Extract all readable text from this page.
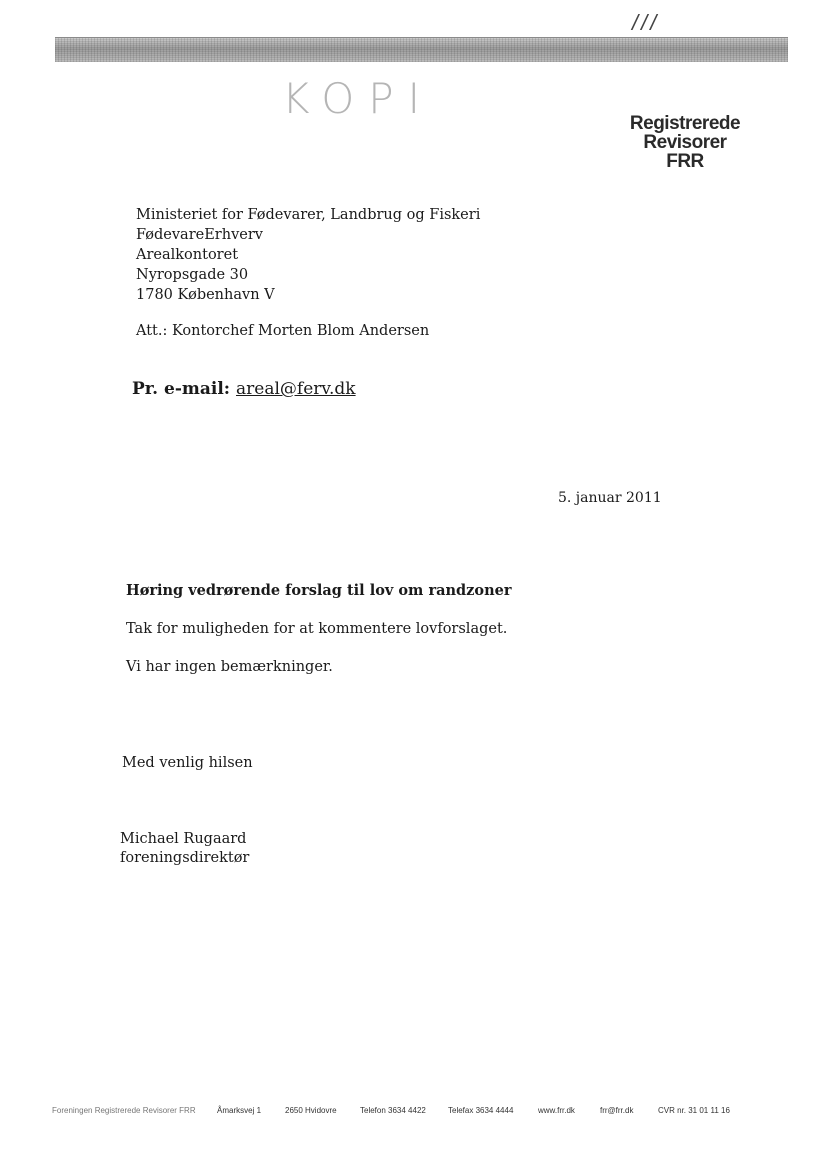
///
KOPI
Registrerede
Revisorer
FRR
Ministeriet for Fødevarer, Landbrug og Fiskeri
FødevareErhverv
Arealkontoret
Nyropsgade 30
1780 København V
Att.: Kontorchef Morten Blom Andersen
Pr. e-mail: areal@ferv.dk
5. januar 2011
Høring vedrørende forslag til lov om randzoner
Tak for muligheden for at kommentere lovforslaget.
Vi har ingen bemærkninger.
Med venlig hilsen
Michael Rugaard
foreningsdirektør
Foreningen Registrerede Revisorer FRR	Åmarksvej 1	2650 Hvidovre	Telefon 3634 4422	Telefax 3634 4444	www.frr.dk	frr@frr.dk	CVR nr. 31 01 11 16
